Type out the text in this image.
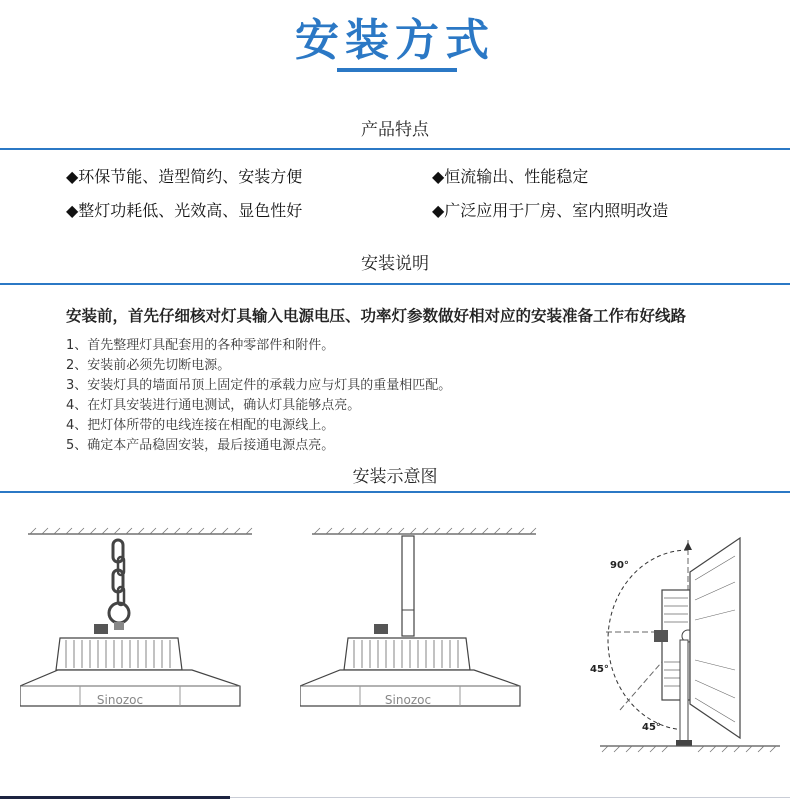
安装方式
产品特点
◆环保节能、造型简约、安装方便	◆恒流输出、性能稳定
◆整灯功耗低、光效高、显色性好	◆广泛应用于厂房、室内照明改造
安装说明
安装前，首先仔细核对灯具输入电源电压、功率灯参数做好相对应的安装准备工作布好线路
1、首先整理灯具配套用的各种零部件和附件。
2、安装前必须先切断电源。
3、安装灯具的墙面吊顶上固定件的承载力应与灯具的重量相匹配。
4、在灯具安装进行通电测试，确认灯具能够点亮。
4、把灯体所带的电线连接在相配的电源线上。
5、确定本产品稳固安装，最后接通电源点亮。
安装示意图
Sinozoc	Sinozoc
90°
45°
45°
